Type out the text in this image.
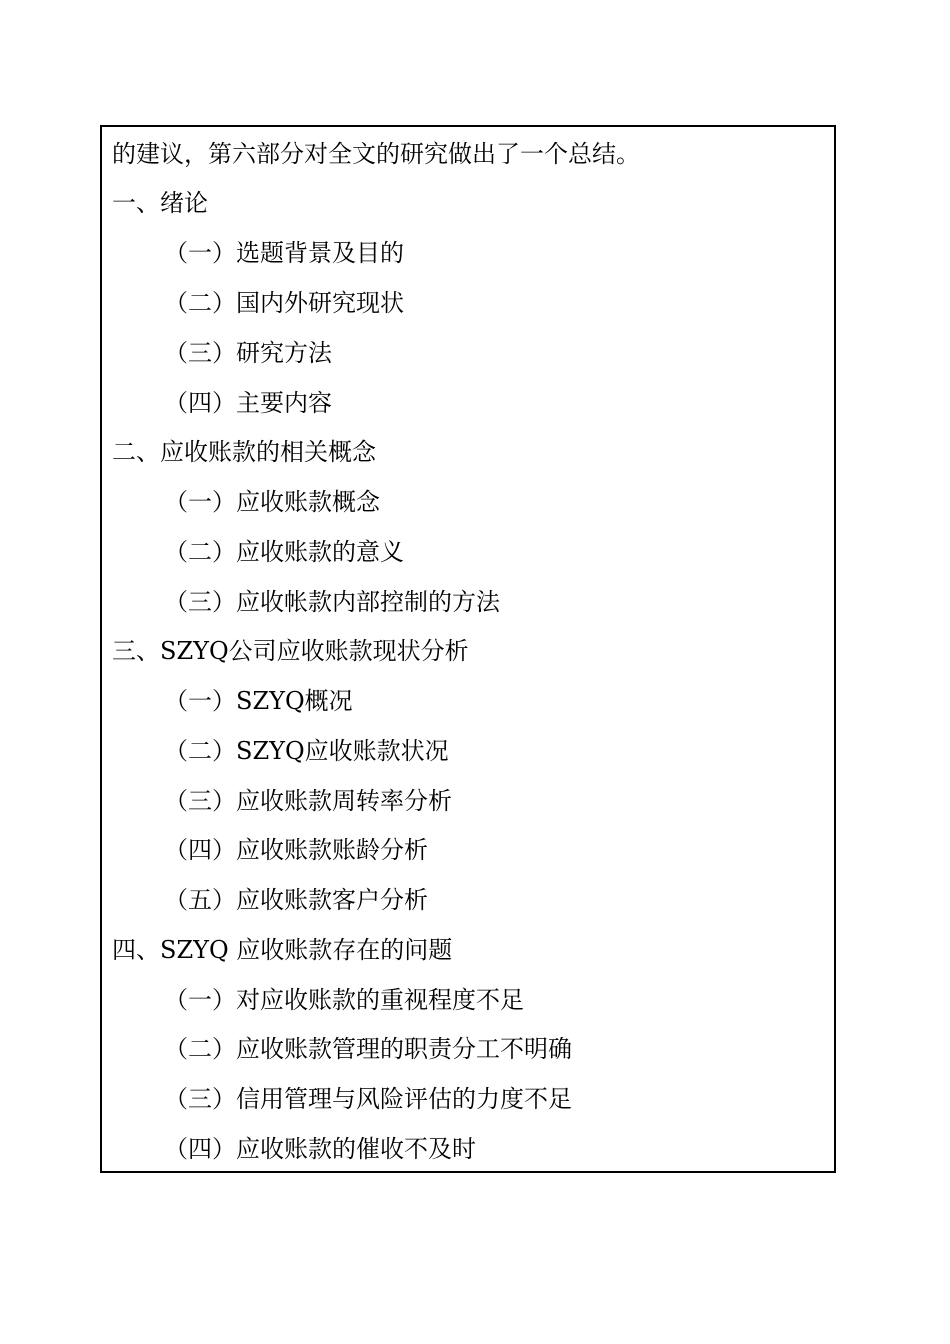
的建议，第六部分对全文的研究做出了一个总结。
一、绪论
（一）选题背景及目的
（二）国内外研究现状
（三）研究方法
（四）主要内容
二、应收账款的相关概念
（一）应收账款概念
（二）应收账款的意义
（三）应收帐款内部控制的方法
三、SZYQ公司应收账款现状分析
（一）SZYQ概况
（二）SZYQ应收账款状况
（三）应收账款周转率分析
（四）应收账款账龄分析
（五）应收账款客户分析
四、SZYQ 应收账款存在的问题
（一）对应收账款的重视程度不足
（二）应收账款管理的职责分工不明确
（三）信用管理与风险评估的力度不足
（四）应收账款的催收不及时
